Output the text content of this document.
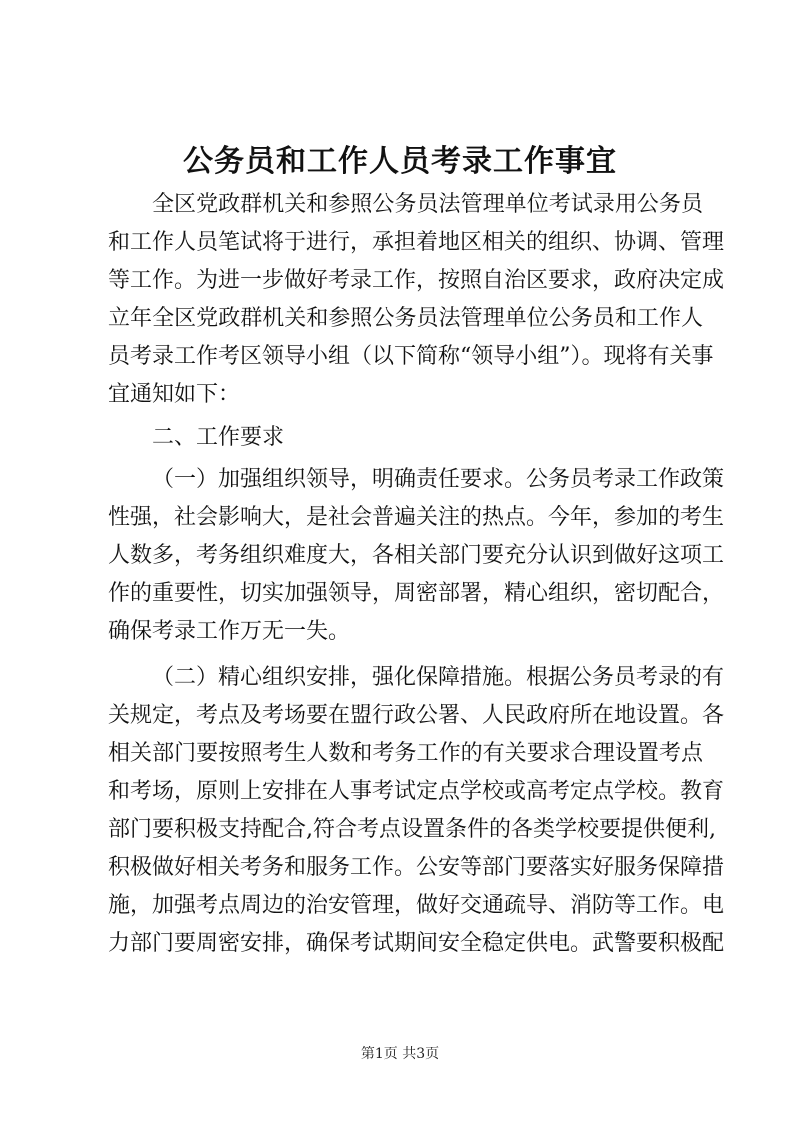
公务员和工作人员考录工作事宜
全区党政群机关和参照公务员法管理单位考试录用公务员
和工作人员笔试将于进行，承担着地区相关的组织、协调、管理
等工作。为进一步做好考录工作，按照自治区要求，政府决定成
立年全区党政群机关和参照公务员法管理单位公务员和工作人
员考录工作考区领导小组（以下简称“领导小组”）。现将有关事
宜通知如下：
二、工作要求
（一）加强组织领导，明确责任要求。公务员考录工作政策
性强，社会影响大，是社会普遍关注的热点。今年，参加的考生
人数多，考务组织难度大，各相关部门要充分认识到做好这项工
作的重要性，切实加强领导，周密部署，精心组织，密切配合，
确保考录工作万无一失。
（二）精心组织安排，强化保障措施。根据公务员考录的有
关规定，考点及考场要在盟行政公署、人民政府所在地设置。各
相关部门要按照考生人数和考务工作的有关要求合理设置考点
和考场，原则上安排在人事考试定点学校或高考定点学校。教育
部门要积极支持配合,符合考点设置条件的各类学校要提供便利,
积极做好相关考务和服务工作。公安等部门要落实好服务保障措
施，加强考点周边的治安管理，做好交通疏导、消防等工作。电
力部门要周密安排，确保考试期间安全稳定供电。武警要积极配
第1页 共3页
